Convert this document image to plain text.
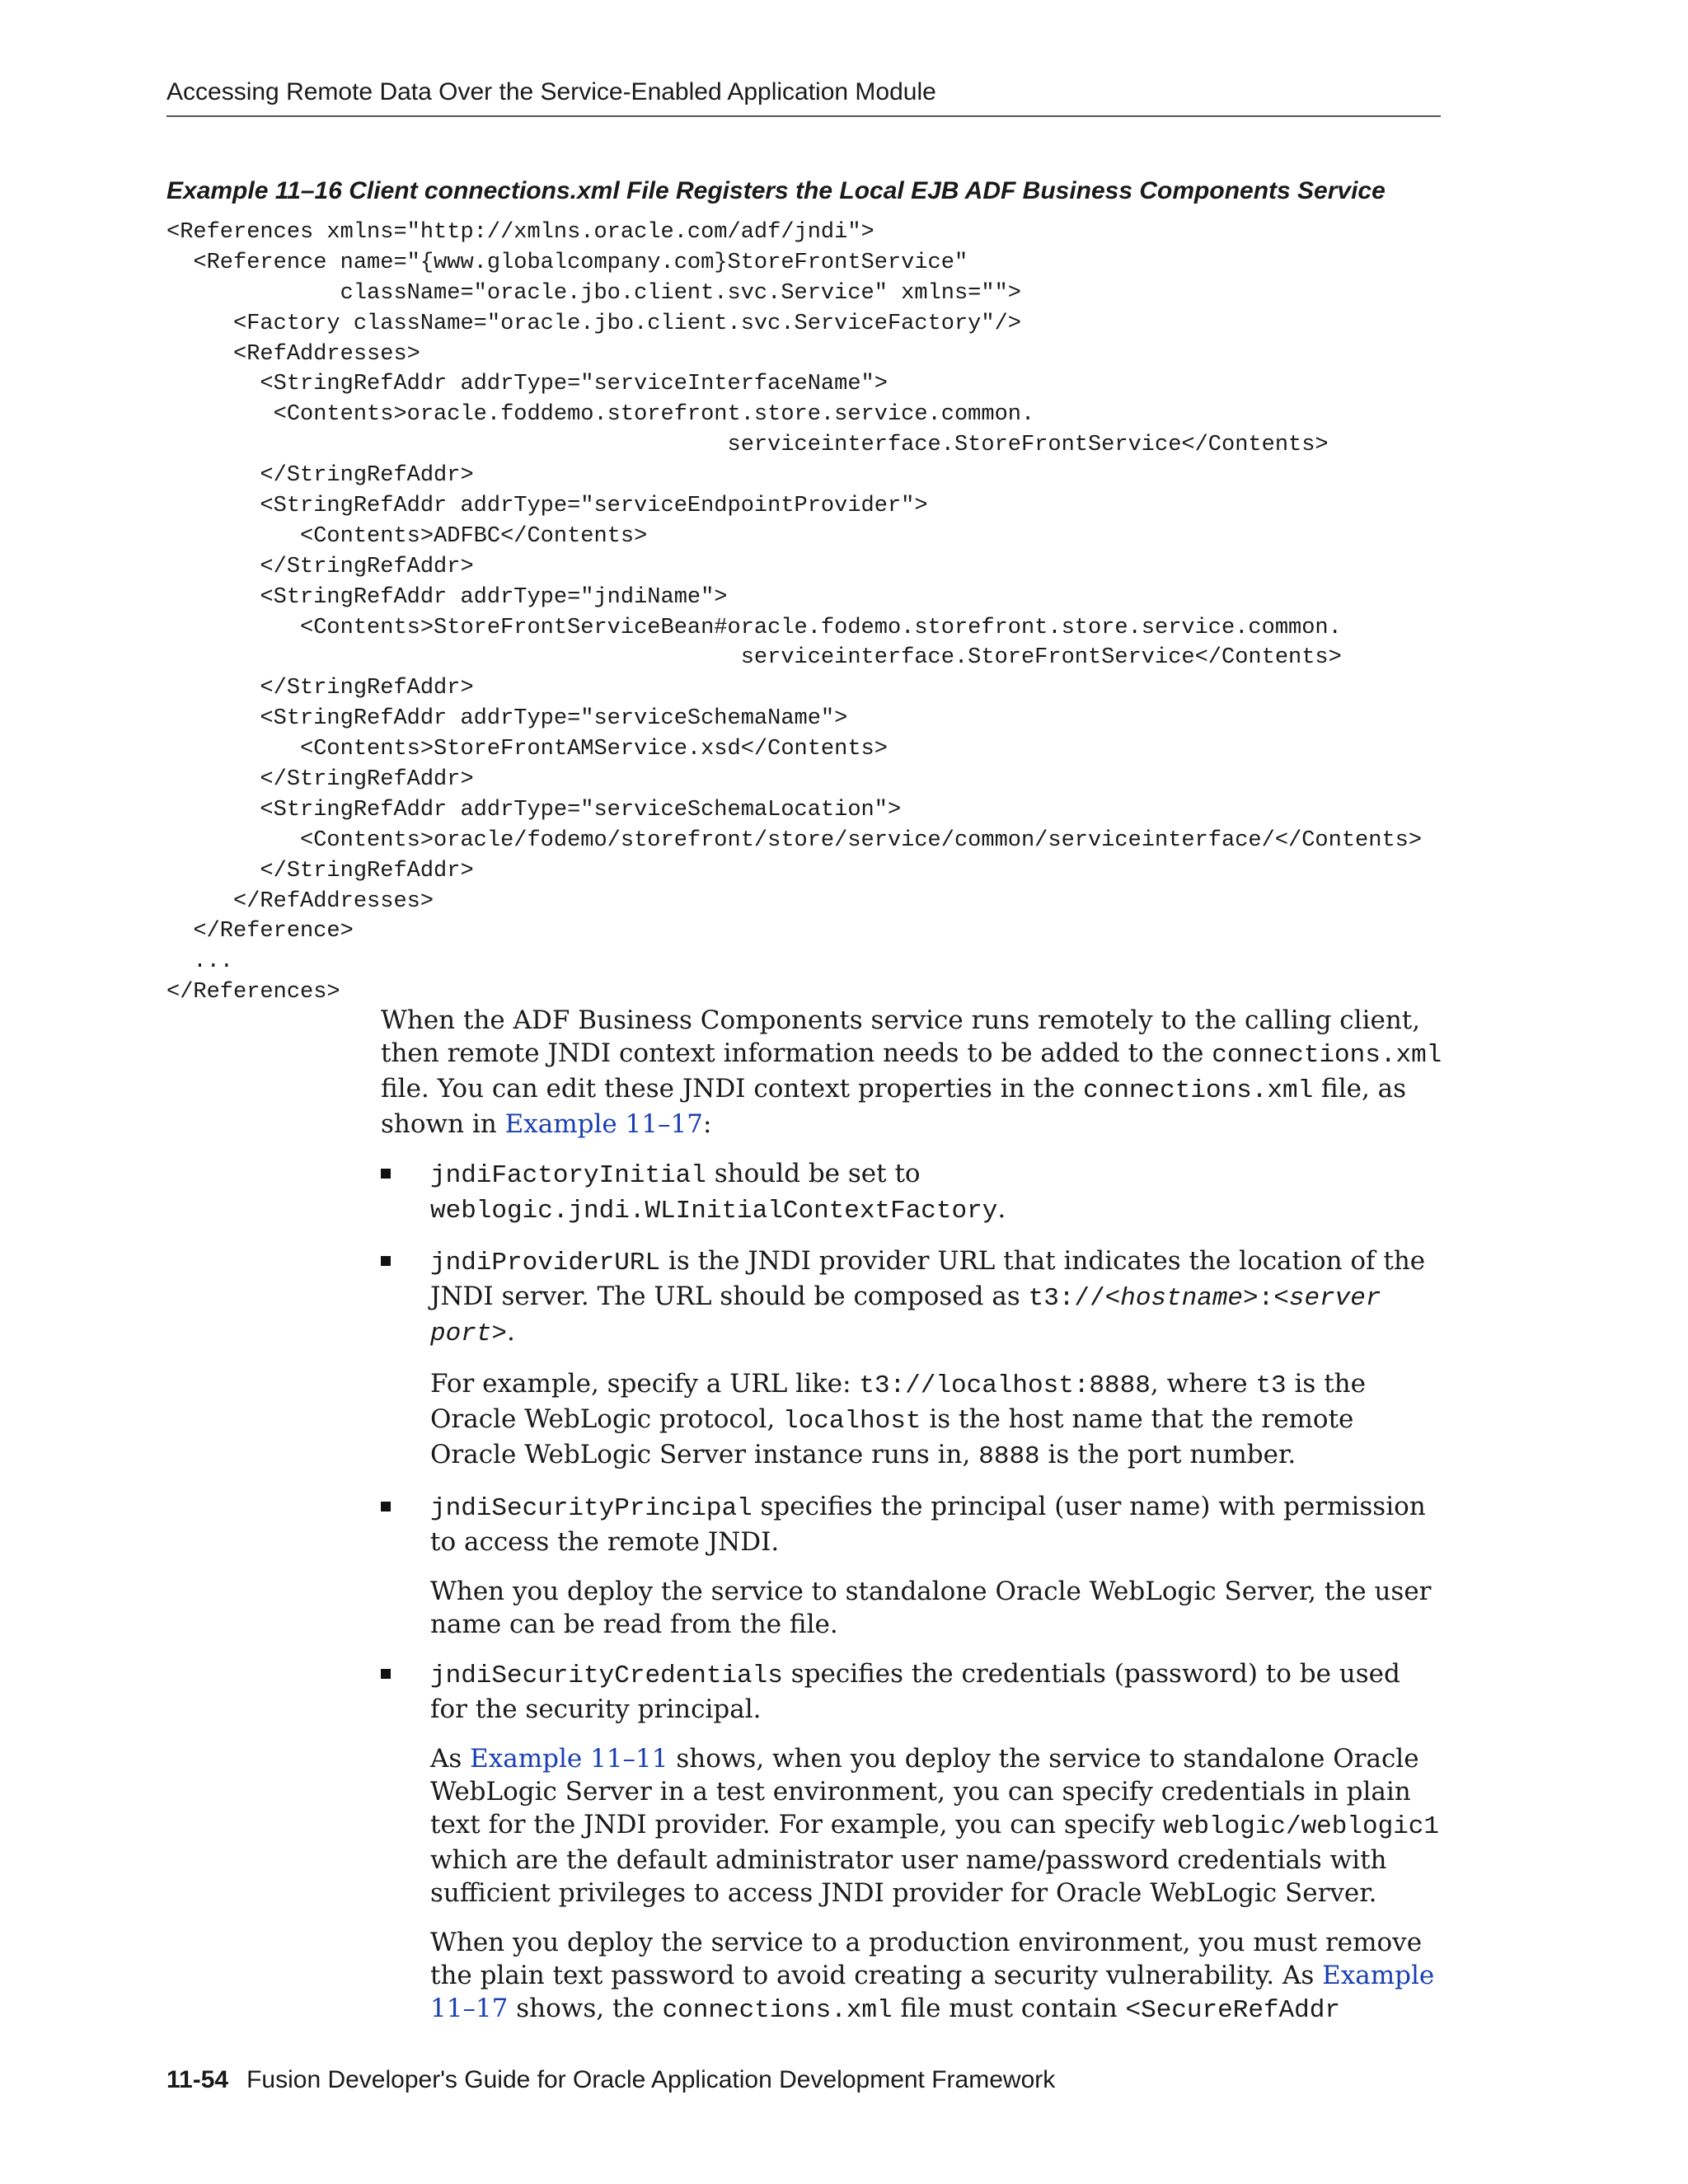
Accessing Remote Data Over the Service-Enabled Application Module
Example 11–16 Client connections.xml File Registers the Local EJB ADF Business Components Service
<References xmlns="http://xmlns.oracle.com/adf/jndi">
<Reference name="{www.globalcompany.com}StoreFrontService"
className="oracle.jbo.client.svc.Service" xmlns="">
<Factory className="oracle.jbo.client.svc.ServiceFactory"/>
<RefAddresses>
<StringRefAddr addrType="serviceInterfaceName">
<Contents>oracle.foddemo.storefront.store.service.common.
serviceinterface.StoreFrontService</Contents>
</StringRefAddr>
<StringRefAddr addrType="serviceEndpointProvider">
<Contents>ADFBC</Contents>
</StringRefAddr>
<StringRefAddr addrType="jndiName">
<Contents>StoreFrontServiceBean#oracle.fodemo.storefront.store.service.common.
serviceinterface.StoreFrontService</Contents>
</StringRefAddr>
<StringRefAddr addrType="serviceSchemaName">
<Contents>StoreFrontAMService.xsd</Contents>
</StringRefAddr>
<StringRefAddr addrType="serviceSchemaLocation">
<Contents>oracle/fodemo/storefront/store/service/common/serviceinterface/</Contents>
</StringRefAddr>
</RefAddresses>
</Reference>
...
</References>

When the ADF Business Components service runs remotely to the calling client, then remote JNDI context information needs to be added to the connections.xml file. You can edit these JNDI context properties in the connections.xml file, as shown in Example 11–17:

jndiFactoryInitial should be set to weblogic.jndi.WLInitialContextFactory.

jndiProviderURL is the JNDI provider URL that indicates the location of the JNDI server. The URL should be composed as t3://<hostname>:<server port>.

For example, specify a URL like: t3://localhost:8888, where t3 is the Oracle WebLogic protocol, localhost is the host name that the remote Oracle WebLogic Server instance runs in, 8888 is the port number.

jndiSecurityPrincipal specifies the principal (user name) with permission to access the remote JNDI.

When you deploy the service to standalone Oracle WebLogic Server, the user name can be read from the file.

jndiSecurityCredentials specifies the credentials (password) to be used for the security principal.

As Example 11–11 shows, when you deploy the service to standalone Oracle WebLogic Server in a test environment, you can specify credentials in plain text for the JNDI provider. For example, you can specify weblogic/weblogic1 which are the default administrator user name/password credentials with sufficient privileges to access JNDI provider for Oracle WebLogic Server.

When you deploy the service to a production environment, you must remove the plain text password to avoid creating a security vulnerability. As Example 11–17 shows, the connections.xml file must contain <SecureRefAddr

11-54 Fusion Developer's Guide for Oracle Application Development Framework
